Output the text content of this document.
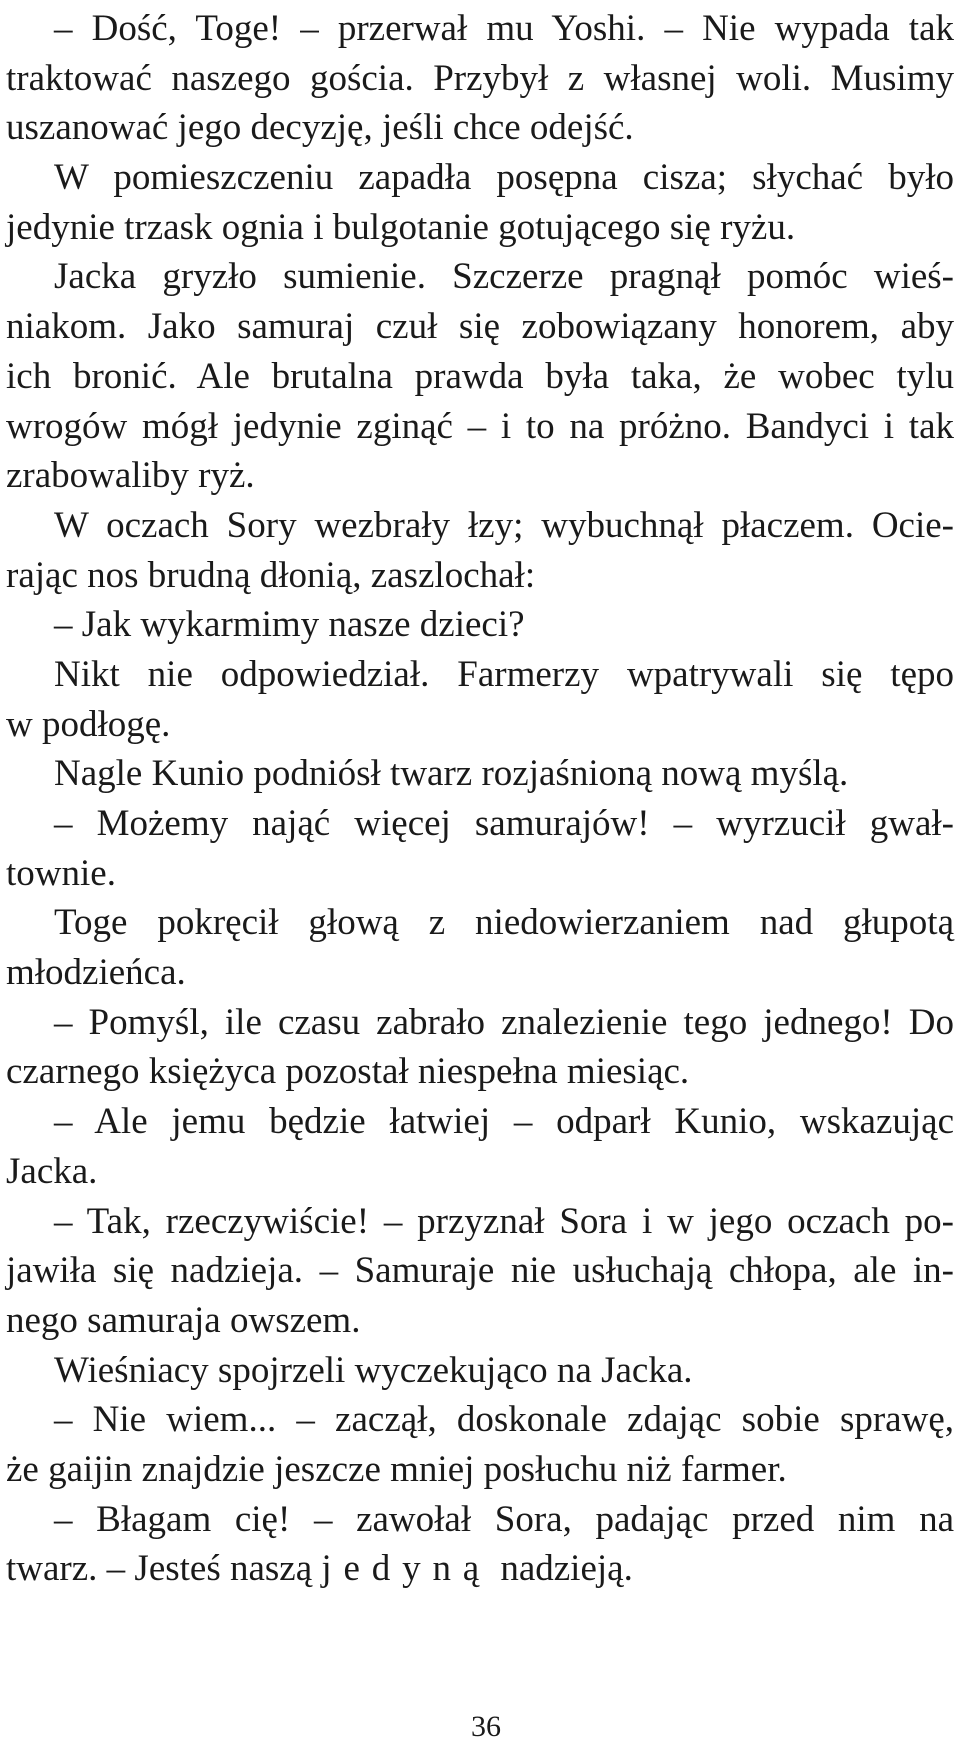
– Dość, Toge! – przerwał mu Yoshi. – Nie wypada tak
traktować naszego gościa. Przybył z własnej woli. Musimy
uszanować jego decyzję, jeśli chce odejść.
W pomieszczeniu zapadła posępna cisza; słychać było
jedynie trzask ognia i bulgotanie gotującego się ryżu.
Jacka gryzło sumienie. Szczerze pragnął pomóc wieś-
niakom. Jako samuraj czuł się zobowiązany honorem, aby
ich bronić. Ale brutalna prawda była taka, że wobec tylu
wrogów mógł jedynie zginąć – i to na próżno. Bandyci i tak
zrabowaliby ryż.
W oczach Sory wezbrały łzy; wybuchnął płaczem. Ocie-
rając nos brudną dłonią, zaszlochał:
– Jak wykarmimy nasze dzieci?
Nikt nie odpowiedział. Farmerzy wpatrywali się tępo
w podłogę.
Nagle Kunio podniósł twarz rozjaśnioną nową myślą.
– Możemy nająć więcej samurajów! – wyrzucił gwał-
townie.
Toge pokręcił głową z niedowierzaniem nad głupotą
młodzieńca.
– Pomyśl, ile czasu zabrało znalezienie tego jednego! Do
czarnego księżyca pozostał niespełna miesiąc.
– Ale jemu będzie łatwiej – odparł Kunio, wskazując
Jacka.
– Tak, rzeczywiście! – przyznał Sora i w jego oczach po-
jawiła się nadzieja. – Samuraje nie usłuchają chłopa, ale in-
nego samuraja owszem.
Wieśniacy spojrzeli wyczekująco na Jacka.
– Nie wiem... – zaczął, doskonale zdając sobie sprawę,
że gaijin znajdzie jeszcze mniej posłuchu niż farmer.
– Błagam cię! – zawołał Sora, padając przed nim na
twarz. – Jesteś naszą jedyną nadzieją.
36
